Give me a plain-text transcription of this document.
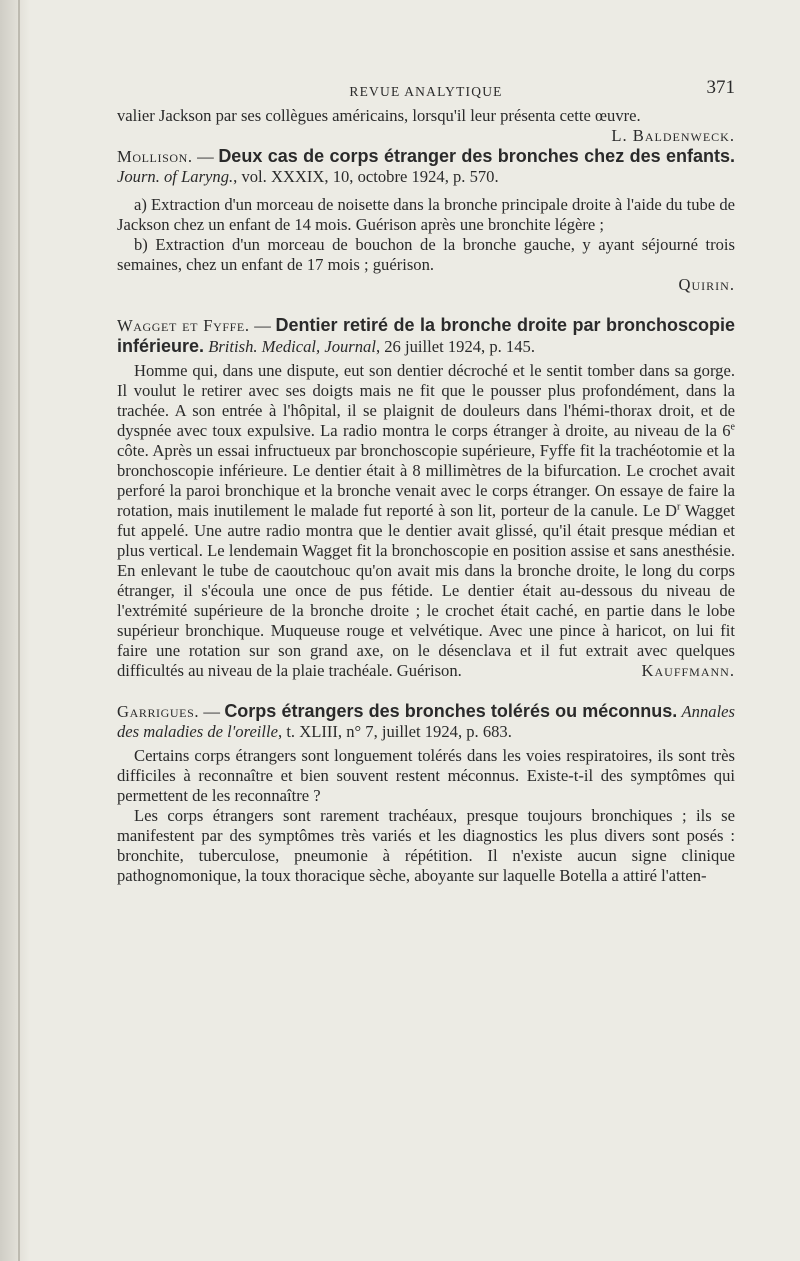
REVUE ANALYTIQUE	371

valier Jackson par ses collègues américains, lorsqu'il leur présenta cette œuvre.
L. Baldenweck.

Mollison. — Deux cas de corps étranger des bronches chez des enfants. Journ. of Laryng., vol. XXXIX, 10, octobre 1924, p. 570.

a) Extraction d'un morceau de noisette dans la bronche principale droite à l'aide du tube de Jackson chez un enfant de 14 mois. Guérison après une bronchite légère ;

b) Extraction d'un morceau de bouchon de la bronche gauche, y ayant séjourné trois semaines, chez un enfant de 17 mois ; guérison.

Quirin.

Wagget et Fyffe. — Dentier retiré de la bronche droite par bronchoscopie inférieure. British. Medical, Journal, 26 juillet 1924, p. 145.

Homme qui, dans une dispute, eut son dentier décroché et le sentit tomber dans sa gorge. Il voulut le retirer avec ses doigts mais ne fit que le pousser plus profondément, dans la trachée. A son entrée à l'hôpital, il se plaignit de douleurs dans l'hémi-thorax droit, et de dyspnée avec toux expulsive. La radio montra le corps étranger à droite, au niveau de la 6e côte. Après un essai infructueux par bronchoscopie supérieure, Fyffe fit la trachéotomie et la bronchoscopie inférieure. Le dentier était à 8 millimètres de la bifurcation. Le crochet avait perforé la paroi bronchique et la bronche venait avec le corps étranger. On essaye de faire la rotation, mais inutilement le malade fut reporté à son lit, porteur de la canule. Le $D^r$ Wagget fut appelé. Une autre radio montra que le dentier avait glissé, qu'il était presque médian et plus vertical. Le lendemain Wagget fit la bronchoscopie en position assise et sans anesthésie. En enlevant le tube de caoutchouc qu'on avait mis dans la bronche droite, le long du corps étranger, il s'écoula une once de pus fétide. Le dentier était au-dessous du niveau de l'extrémité supérieure de la bronche droite ; le crochet était caché, en partie dans le lobe supérieur bronchique. Muqueuse rouge et velvétique. Avec une pince à haricot, on lui fit faire une rotation sur son grand axe, on le désenclava et il fut extrait avec quelques difficultés au niveau de la plaie trachéale. Guérison.	Kauffmann.

Garrigues. — Corps étrangers des bronches tolérés ou méconnus. Annales des maladies de l'oreille, t. XLIII, n° 7, juillet 1924, p. 683.

Certains corps étrangers sont longuement tolérés dans les voies respiratoires, ils sont très difficiles à reconnaître et bien souvent restent méconnus. Existe-t-il des symptômes qui permettent de les reconnaître ?

Les corps étrangers sont rarement trachéaux, presque toujours bronchiques ; ils se manifestent par des symptômes très variés et les diagnostics les plus divers sont posés : bronchite, tuberculose, pneumonie à répétition. Il n'existe aucun signe clinique pathognomonique, la toux thoracique sèche, aboyante sur laquelle Botella a attiré l'atten-
